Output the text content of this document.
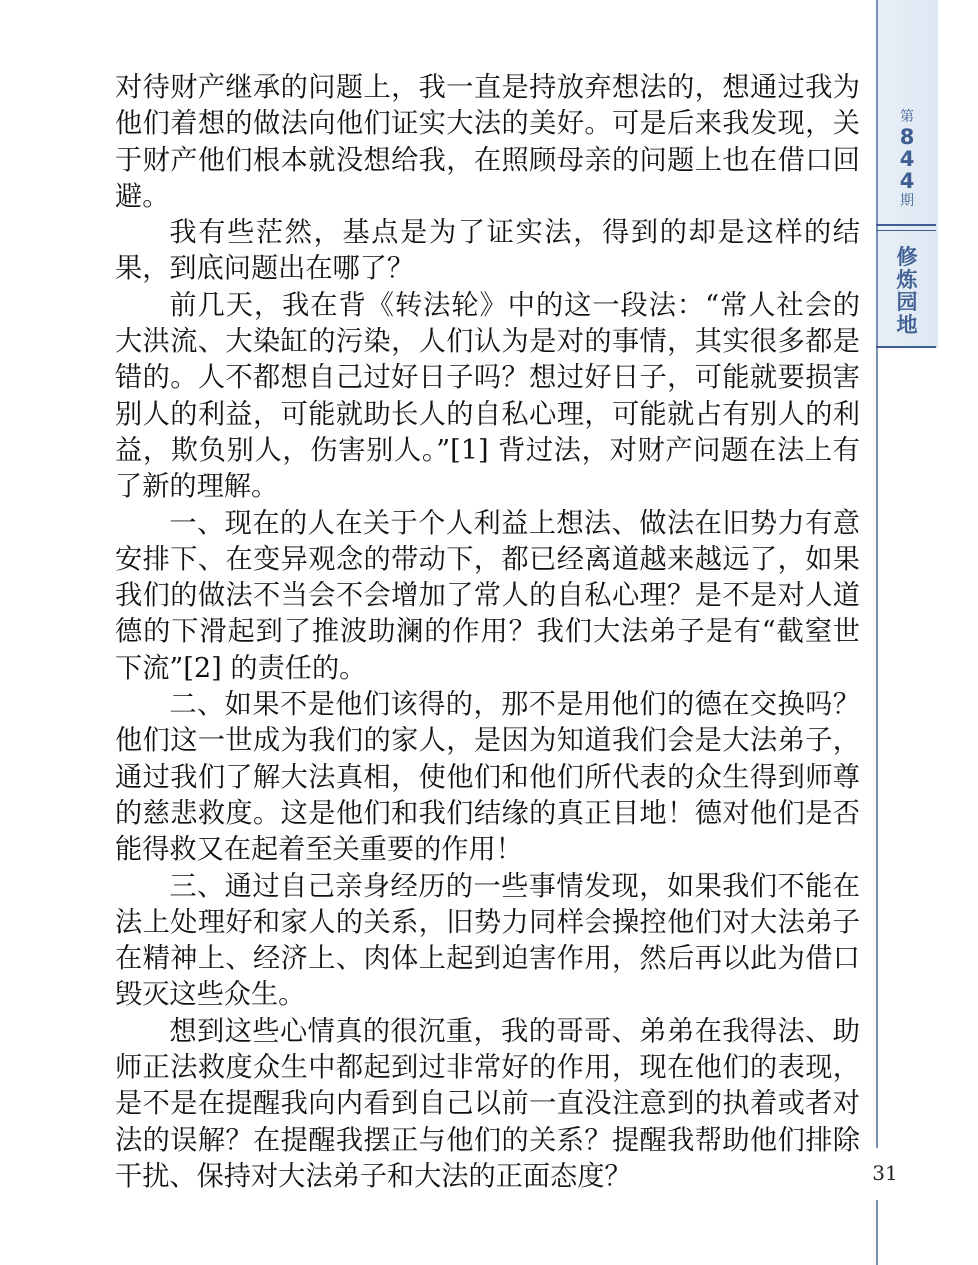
第
8
4
4
期
修
炼
园
地

对待财产继承的问题上，我一直是持放弃想法的，想通过我为他们着想的做法向他们证实大法的美好。可是后来我发现，关于财产他们根本就没想给我，在照顾母亲的问题上也在借口回避。

我有些茫然，基点是为了证实法，得到的却是这样的结果，到底问题出在哪了？

前几天，我在背《转法轮》中的这一段法：“常人社会的大洪流、大染缸的污染，人们认为是对的事情，其实很多都是错的。人不都想自己过好日子吗？想过好日子，可能就要损害别人的利益，可能就助长人的自私心理，可能就占有别人的利益，欺负别人，伤害别人。”[1] 背过法，对财产问题在法上有了新的理解。

一、现在的人在关于个人利益上想法、做法在旧势力有意安排下、在变异观念的带动下，都已经离道越来越远了，如果我们的做法不当会不会增加了常人的自私心理？是不是对人道德的下滑起到了推波助澜的作用？我们大法弟子是有“截窒世下流”[2] 的责任的。

二、如果不是他们该得的，那不是用他们的德在交换吗？他们这一世成为我们的家人，是因为知道我们会是大法弟子，通过我们了解大法真相，使他们和他们所代表的众生得到师尊的慈悲救度。这是他们和我们结缘的真正目地！德对他们是否能得救又在起着至关重要的作用！

三、通过自己亲身经历的一些事情发现，如果我们不能在法上处理好和家人的关系，旧势力同样会操控他们对大法弟子在精神上、经济上、肉体上起到迫害作用，然后再以此为借口毁灭这些众生。

想到这些心情真的很沉重，我的哥哥、弟弟在我得法、助师正法救度众生中都起到过非常好的作用，现在他们的表现，是不是在提醒我向内看到自己以前一直没注意到的执着或者对法的误解？在提醒我摆正与他们的关系？提醒我帮助他们排除干扰、保持对大法弟子和大法的正面态度？	31
